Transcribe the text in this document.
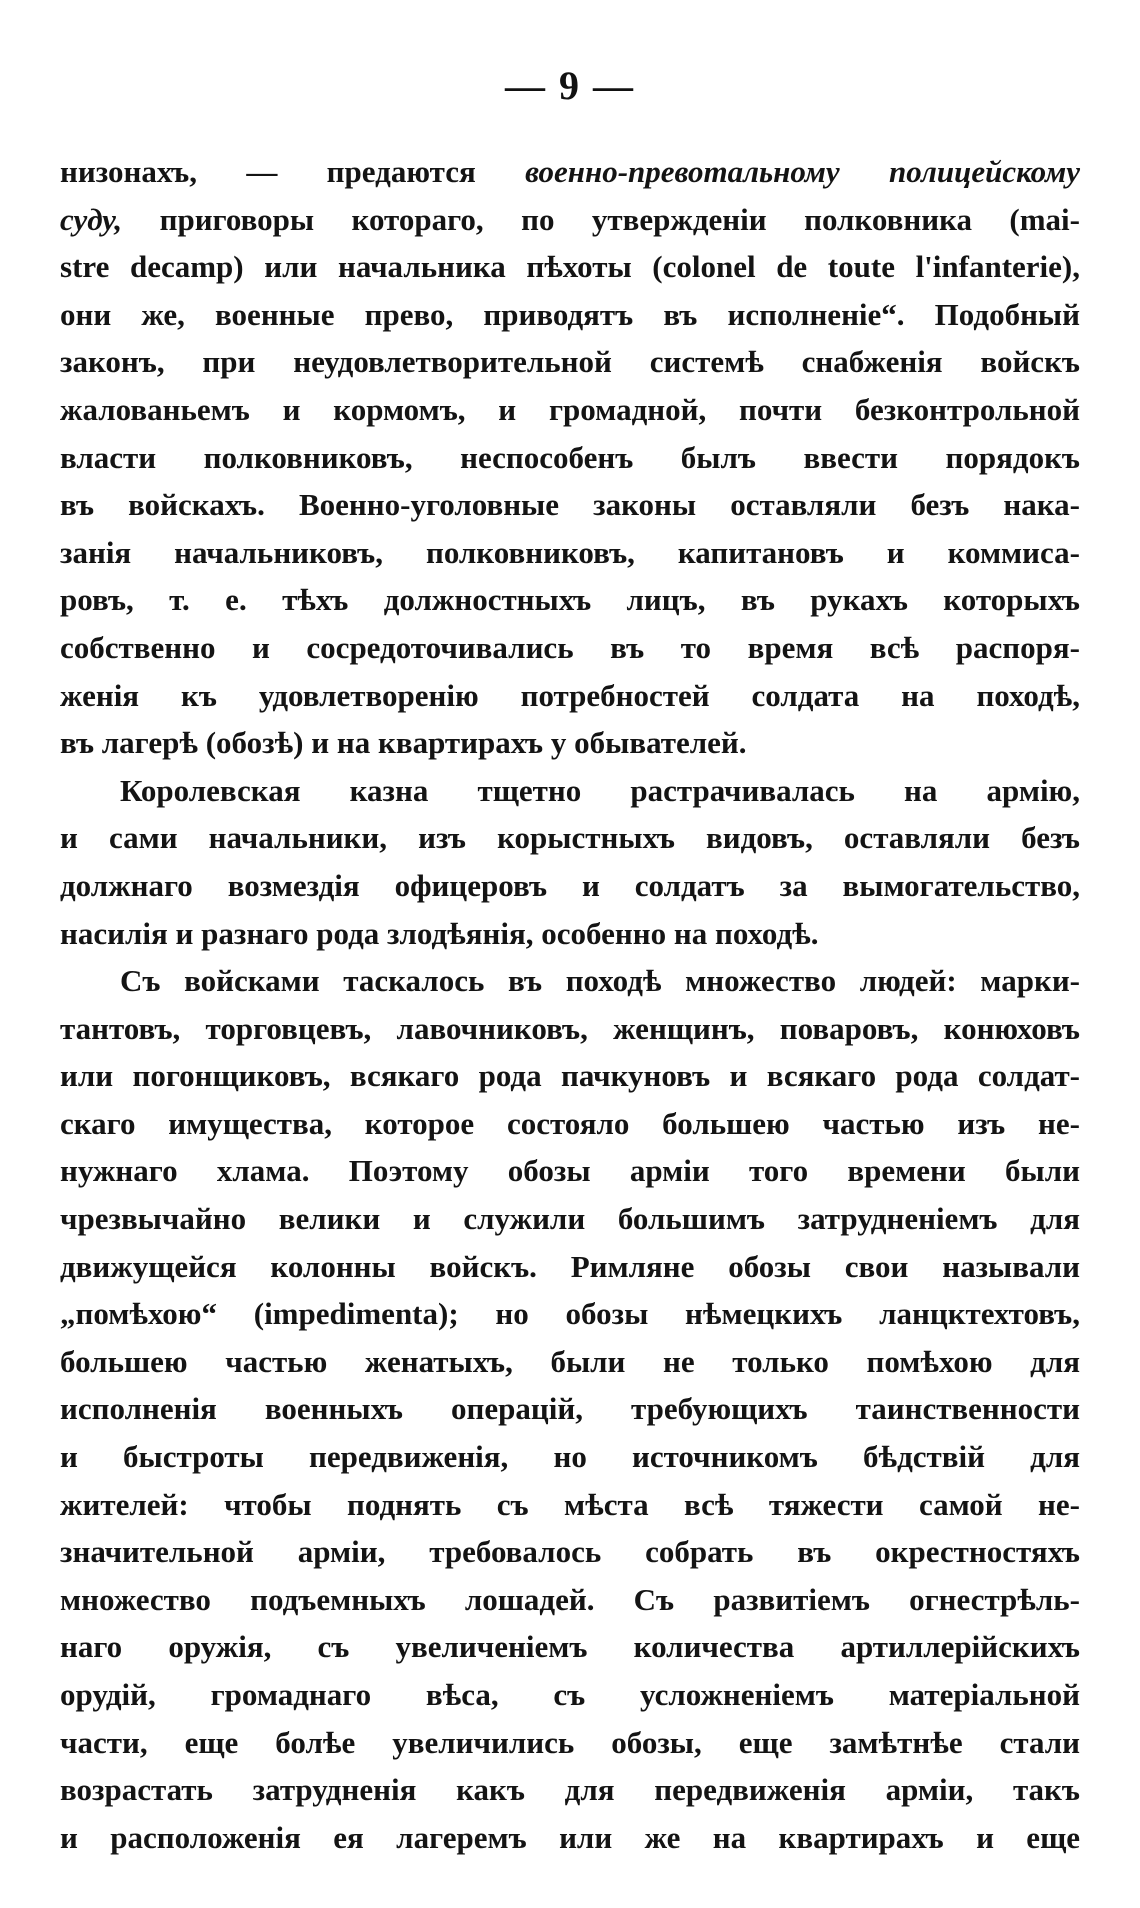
— 9 —
низонахъ, — предаются военно-превотальному полицейскому
суду, приговоры котораго, по утвержденіи полковника (mai-
stre decamp) или начальника пѣхоты (colonel de toute l'infanterie),
они же, военные прево, приводятъ въ исполненіе“. Подобный
законъ, при неудовлетворительной системѣ снабженія войскъ
жалованьемъ и кормомъ, и громадной, почти безконтрольной
власти полковниковъ, неспособенъ былъ ввести порядокъ
въ войскахъ. Военно-уголовные законы оставляли безъ нака-
занія начальниковъ, полковниковъ, капитановъ и коммиса-
ровъ, т. е. тѣхъ должностныхъ лицъ, въ рукахъ которыхъ
собственно и сосредоточивались въ то время всѣ распоря-
женія къ удовлетворенію потребностей солдата на походѣ,
въ лагерѣ (обозѣ) и на квартирахъ у обывателей.
Королевская казна тщетно растрачивалась на армію,
и сами начальники, изъ корыстныхъ видовъ, оставляли безъ
должнаго возмездія офицеровъ и солдатъ за вымогательство,
насилія и разнаго рода злодѣянія, особенно на походѣ.
Съ войсками таскалось въ походѣ множество людей: марки-
тантовъ, торговцевъ, лавочниковъ, женщинъ, поваровъ, конюховъ
или погонщиковъ, всякаго рода пачкуновъ и всякаго рода солдат-
скаго имущества, которое состояло большею частью изъ не-
нужнаго хлама. Поэтому обозы арміи того времени были
чрезвычайно велики и служили большимъ затрудненіемъ для
движущейся колонны войскъ. Римляне обозы свои называли
„помѣхою“ (impedimenta); но обозы нѣмецкихъ ланцктехтовъ,
большею частью женатыхъ, были не только помѣхою для
исполненія военныхъ операцій, требующихъ таинственности
и быстроты передвиженія, но источникомъ бѣдствій для
жителей: чтобы поднять съ мѣста всѣ тяжести самой не-
значительной арміи, требовалось собрать въ окрестностяхъ
множество подъемныхъ лошадей. Съ развитіемъ огнестрѣль-
наго оружія, съ увеличеніемъ количества артиллерійскихъ
орудій, громаднаго вѣса, съ усложненіемъ матеріальной
части, еще болѣе увеличились обозы, еще замѣтнѣе стали
возрастать затрудненія какъ для передвиженія арміи, такъ
и расположенія ея лагеремъ или же на квартирахъ и еще
